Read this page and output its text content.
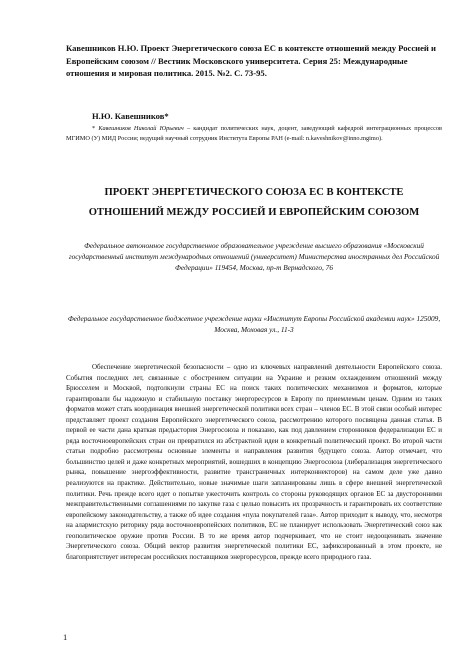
Кавешников Н.Ю. Проект Энергетического союза ЕС в контексте отношений между Россией и Европейским союзом // Вестник Московского университета. Серия 25: Международные отношения и мировая политика. 2015. №2. С. 73-95.
Н.Ю. Кавешников*
* Кавешников Николай Юрьевич – кандидат политических наук, доцент, заведующий кафедрой интеграционных процессов МГИМО (У) МИД России; ведущий научный сотрудник Института Европы РАН (e-mail: n.kaveshnikov@inno.mgimo).
ПРОЕКТ ЭНЕРГЕТИЧЕСКОГО СОЮЗА ЕС В КОНТЕКСТЕ ОТНОШЕНИЙ МЕЖДУ РОССИЕЙ И ЕВРОПЕЙСКИМ СОЮЗОМ
Федеральное автономное государственное образовательное учреждение высшего образования «Московский государственный институт международных отношений (университет) Министерства иностранных дел Российской Федерации» 119454, Москва, пр-т Вернадского, 76
Федеральное государственное бюджетное учреждение науки «Институт Европы Российской академии наук» 125009, Москва, Моховая ул., 11-3
Обеспечение энергетической безопасности – одно из ключевых направлений деятельности Европейского союза. События последних лет, связанные с обострением ситуации на Украине и резким охлаждением отношений между Брюсселем и Москвой, подтолкнули страны ЕС на поиск таких политических механизмов и форматов, которые гарантировали бы надежную и стабильную поставку энергоресурсов в Европу по приемлемым ценам. Одним из таких форматов может стать координация внешней энергетической политики всех стран – членов ЕС. В этой связи особый интерес представляет проект создания Европейского энергетического союза, рассмотрению которого посвящена данная статья. В первой ее части дана краткая предыстория Энергосоюза и показано, как под давлением сторонников федерализации ЕС и ряда восточноевропейских стран он превратился из абстрактной идеи в конкретный политический проект. Во второй части статьи подробно рассмотрены основные элементы и направления развития будущего союза. Автор отмечает, что большинство целей и даже конкретных мероприятий, вошедших в концепцию Энергосоюза (либерализация энергетического рынка, повышение энергоэффективности, развитие трансграничных интерконнекторов) на самом деле уже давно реализуются на практике. Действительно, новые значимые шаги запланированы лишь в сфере внешней энергетической политики. Речь прежде всего идет о попытке ужесточить контроль со стороны руководящих органов ЕС за двусторонними межправительственными соглашениями по закупке газа с целью повысить их прозрачность и гарантировать их соответствие европейскому законодательству, а также об идее создания «пула покупателей газа». Автор приходит к выводу, что, несмотря на алармистскую риторику ряда восточноевропейских политиков, ЕС не планирует использовать Энергетический союз как геополитическое оружие против России. В то же время автор подчеркивает, что не стоит недооценивать значение Энергетического союза. Общий вектор развития энергетической политики ЕС, зафиксированный в этом проекте, не благоприятствует интересам российских поставщиков энергоресурсов, прежде всего природного газа.
1
